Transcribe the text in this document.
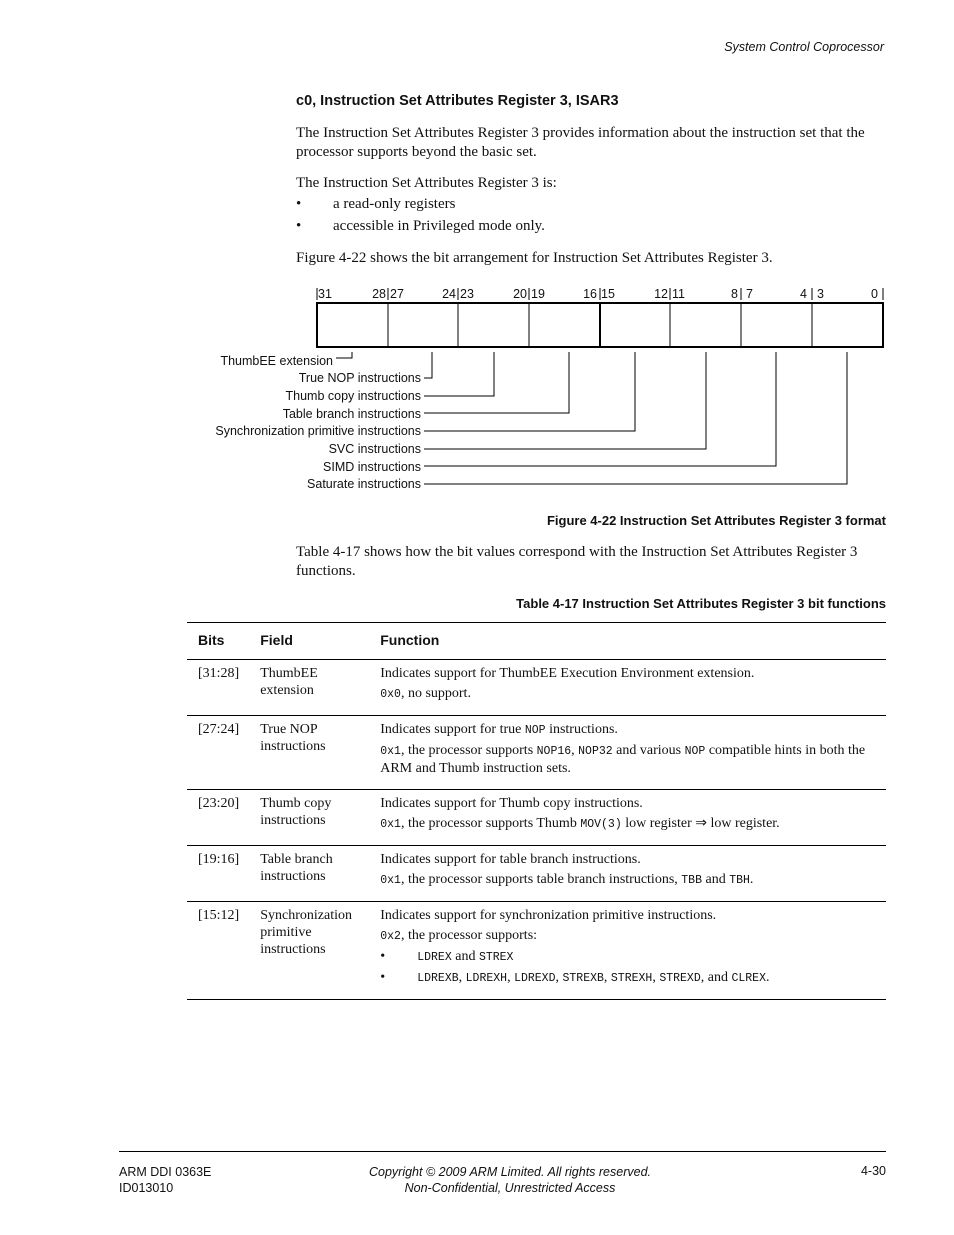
System Control Coprocessor
c0, Instruction Set Attributes Register 3, ISAR3
The Instruction Set Attributes Register 3 provides information about the instruction set that the processor supports beyond the basic set.
The Instruction Set Attributes Register 3 is:
• a read-only registers
• accessible in Privileged mode only.
Figure 4-22 shows the bit arrangement for Instruction Set Attributes Register 3.
31	28 27	24 23	20 19	16 15	12 11	8 7	4 3	0
ThumbEE extension
True NOP instructions
Thumb copy instructions
Table branch instructions
Synchronization primitive instructions
SVC instructions
SIMD instructions
Saturate instructions
Figure 4-22 Instruction Set Attributes Register 3 format
Table 4-17 shows how the bit values correspond with the Instruction Set Attributes Register 3 functions.
Table 4-17 Instruction Set Attributes Register 3 bit functions
Bits	Field	Function
[31:28]	ThumbEE extension	Indicates support for ThumbEE Execution Environment extension.

0x0, no support.

[27:24]	True NOP instructions	Indicates support for true NOP instructions.

0x1, the processor supports NOP16, NOP32 and various NOP compatible hints in both the ARM and Thumb instruction sets.

[23:20]	Thumb copy instructions	Indicates support for Thumb copy instructions.

0x1, the processor supports Thumb MOV(3) low register ⇒ low register.

[19:16]	Table branch instructions	Indicates support for table branch instructions.

0x1, the processor supports table branch instructions, TBB and TBH.

[15:12]	Synchronization primitive instructions	Indicates support for synchronization primitive instructions.

0x2, the processor supports:

• LDREX and STREX

• LDREXB, LDREXH, LDREXD, STREXB, STREXH, STREXD, and CLREX.

ARM DDI 0363E
ID013010
Copyright © 2009 ARM Limited. All rights reserved.
Non-Confidential, Unrestricted Access
4-30
